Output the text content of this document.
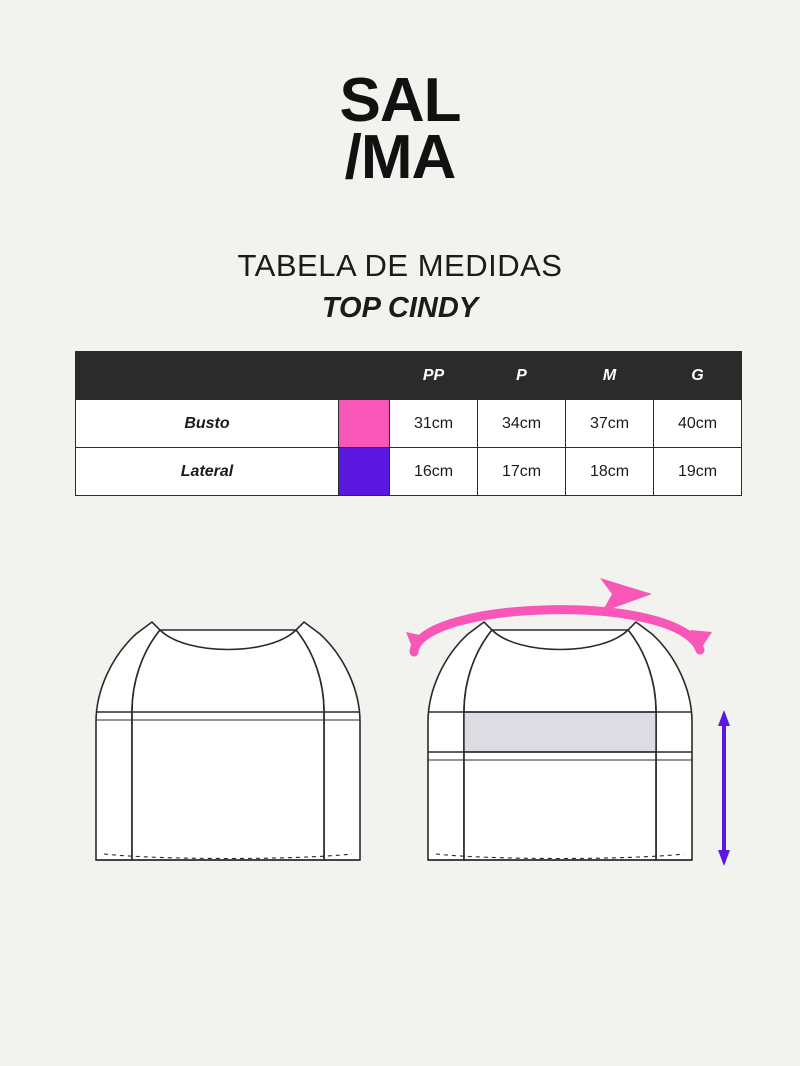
SAL
/MA
TABELA DE MEDIDAS
TOP CINDY
		PP	P	M	G
Busto		31cm	34cm	37cm	40cm
Lateral		16cm	17cm	18cm	19cm
